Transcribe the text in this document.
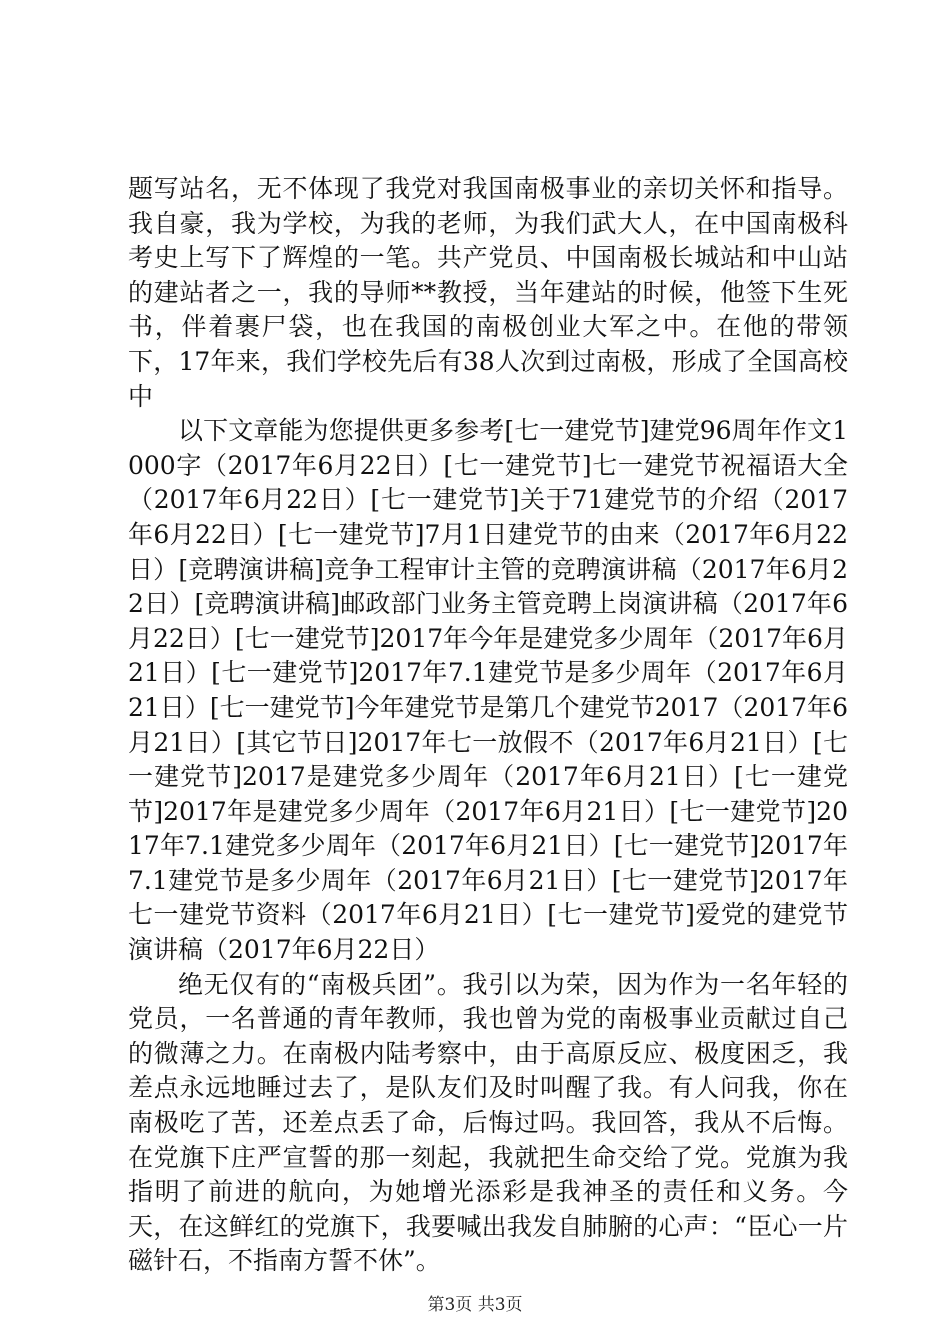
题写站名，无不体现了我党对我国南极事业的亲切关怀和指导。我自豪，我为学校，为我的老师，为我们武大人，在中国南极科考史上写下了辉煌的一笔。共产党员、中国南极长城站和中山站的建站者之一，我的导师**教授，当年建站的时候，他签下生死书，伴着裹尸袋，也在我国的南极创业大军之中。在他的带领下，17年来，我们学校先后有38人次到过南极，形成了全国高校中

以下文章能为您提供更多参考[七一建党节]建党96周年作文1000字（2017年6月22日）[七一建党节]七一建党节祝福语大全（2017年6月22日）[七一建党节]关于71建党节的介绍（2017年6月22日）[七一建党节]7月1日建党节的由来（2017年6月22日）[竞聘演讲稿]竞争工程审计主管的竞聘演讲稿（2017年6月22日）[竞聘演讲稿]邮政部门业务主管竞聘上岗演讲稿（2017年6月22日）[七一建党节]2017年今年是建党多少周年（2017年6月21日）[七一建党节]2017年7.1建党节是多少周年（2017年6月21日）[七一建党节]今年建党节是第几个建党节2017（2017年6月21日）[其它节日]2017年七一放假不（2017年6月21日）[七一建党节]2017是建党多少周年（2017年6月21日）[七一建党节]2017年是建党多少周年（2017年6月21日）[七一建党节]2017年7.1建党多少周年（2017年6月21日）[七一建党节]2017年7.1建党节是多少周年（2017年6月21日）[七一建党节]2017年七一建党节资料（2017年6月21日）[七一建党节]爱党的建党节演讲稿（2017年6月22日）

绝无仅有的“南极兵团”。我引以为荣，因为作为一名年轻的党员，一名普通的青年教师，我也曾为党的南极事业贡献过自己的微薄之力。在南极内陆考察中，由于高原反应、极度困乏，我差点永远地睡过去了，是队友们及时叫醒了我。有人问我，你在南极吃了苦，还差点丢了命，后悔过吗。我回答，我从不后悔。在党旗下庄严宣誓的那一刻起，我就把生命交给了党。党旗为我指明了前进的航向，为她增光添彩是我神圣的责任和义务。今天，在这鲜红的党旗下，我要喊出我发自肺腑的心声：“臣心一片磁针石，不指南方誓不休”。

第3页 共3页
